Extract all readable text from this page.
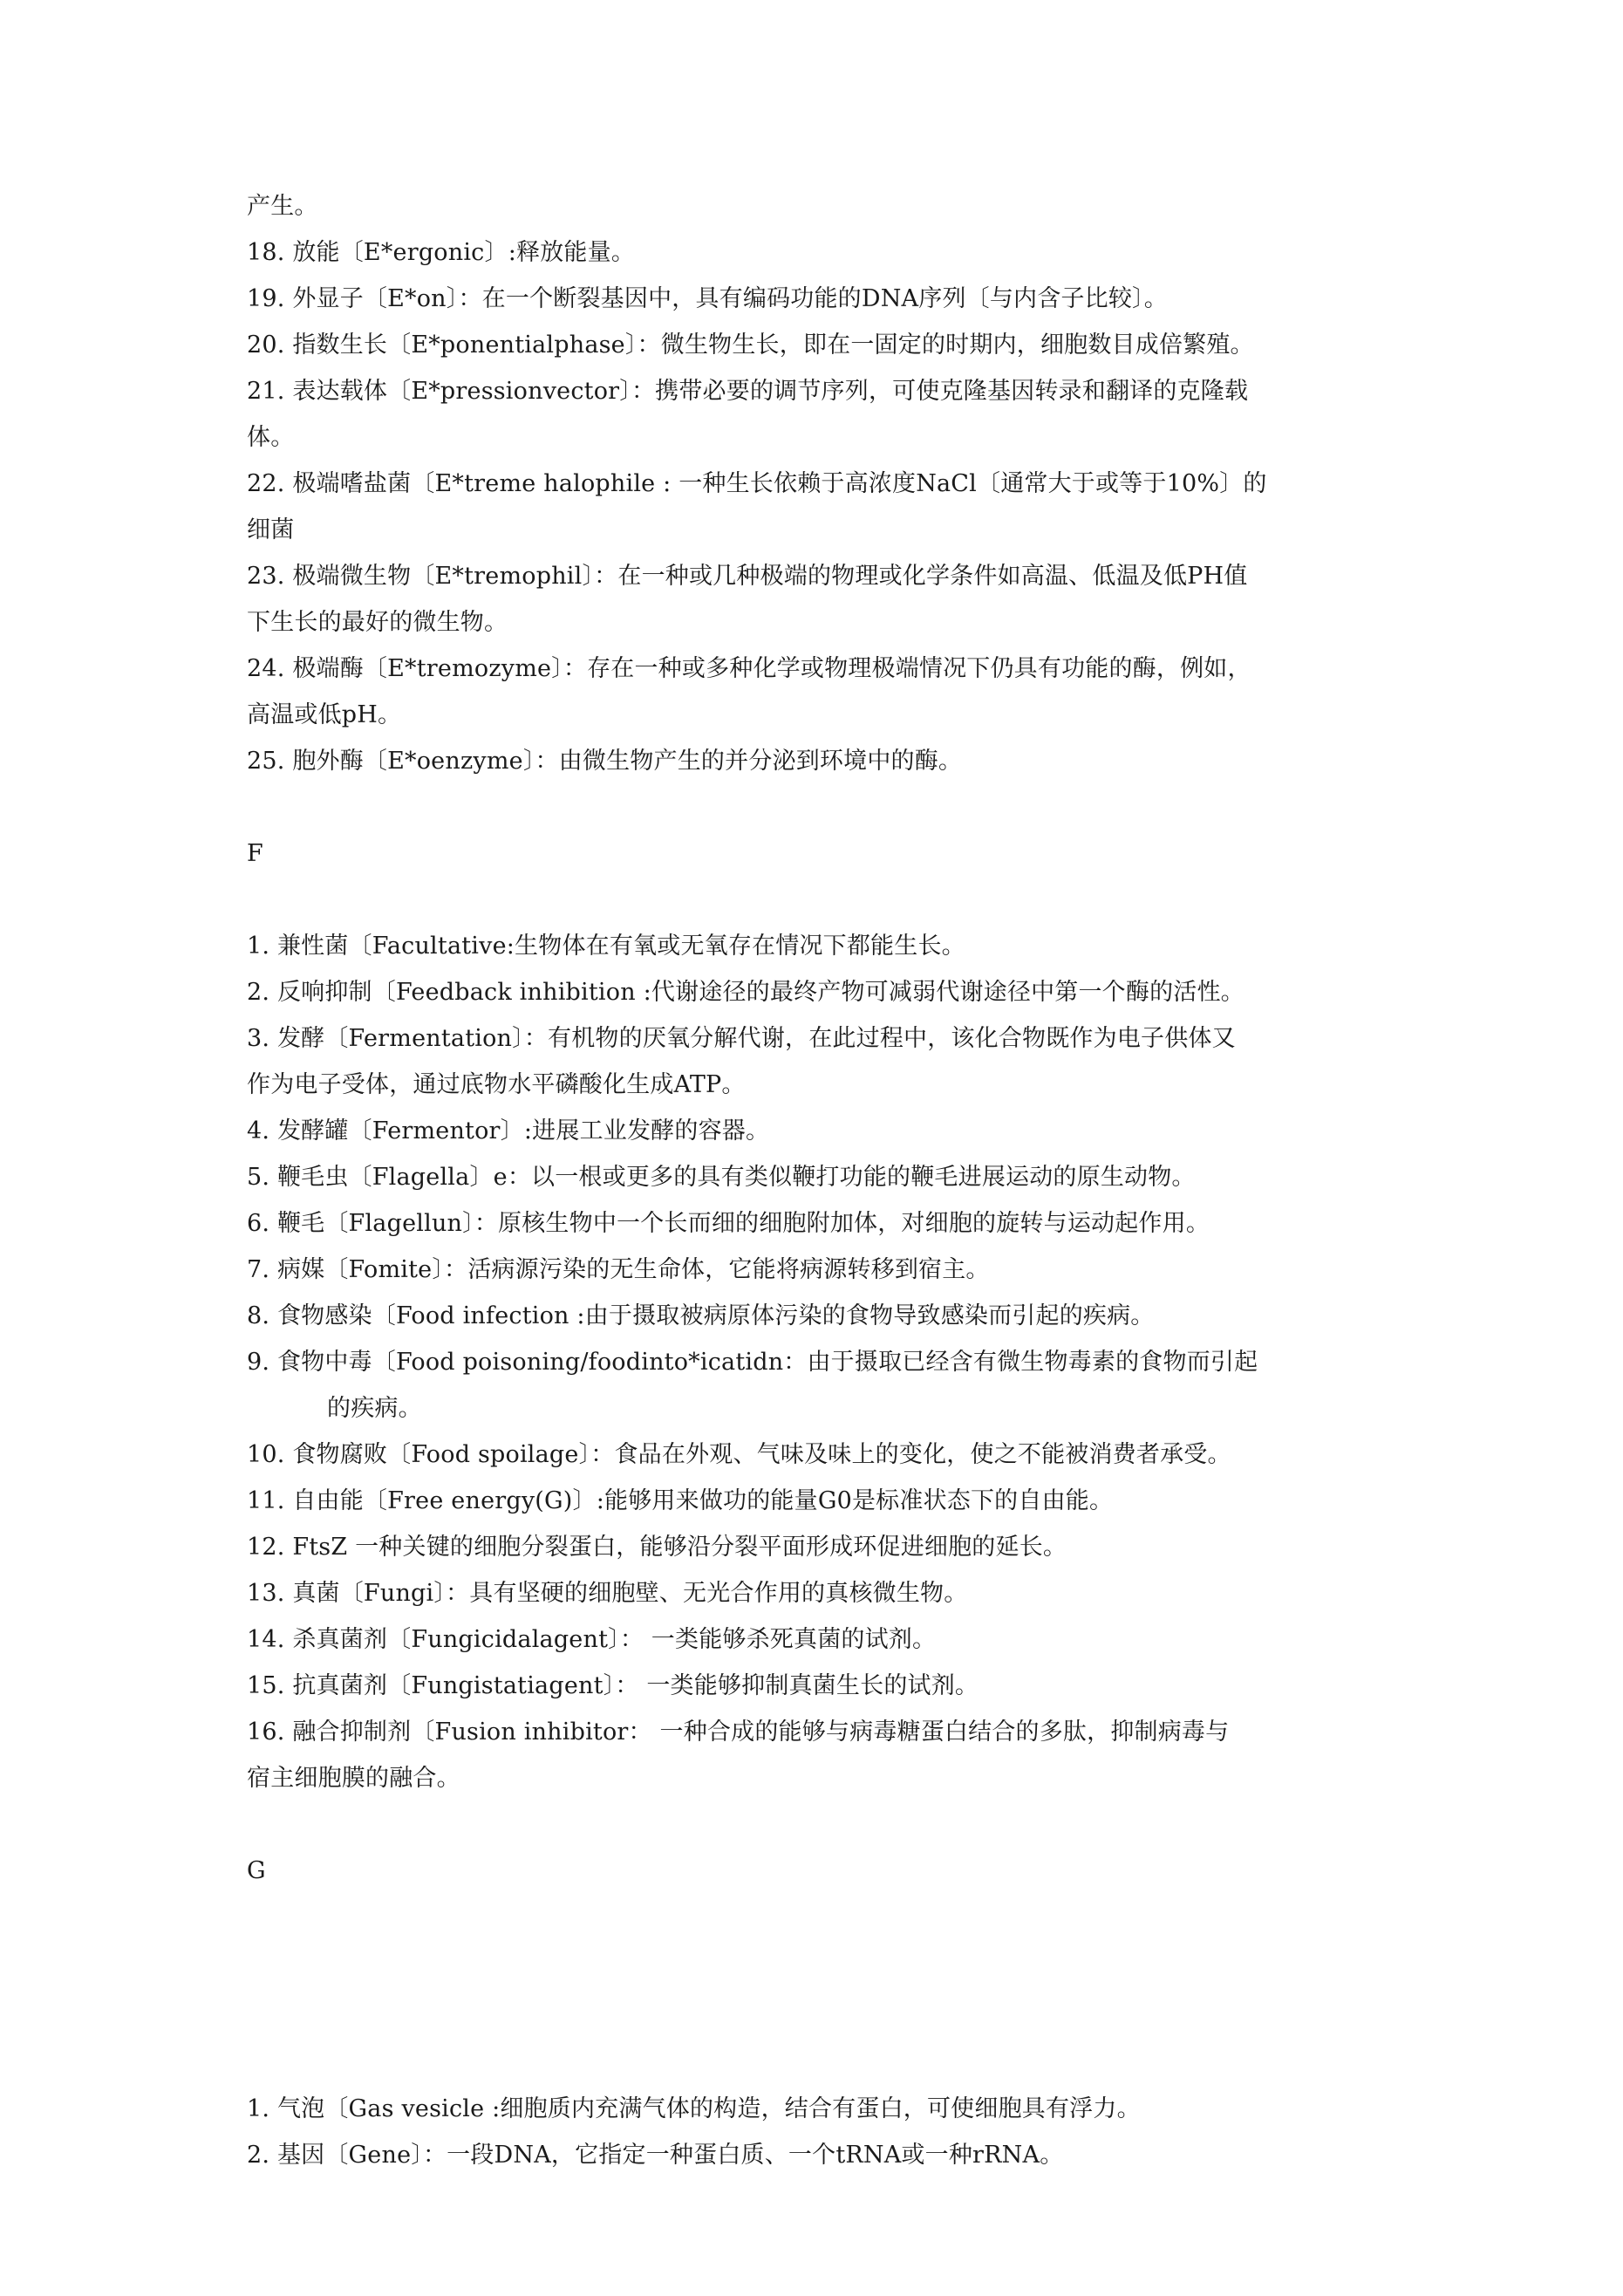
产生。
18. 放能〔E*ergonic〕:释放能量。
19. 外显子〔E*on〕：在一个断裂基因中，具有编码功能的DNA序列〔与内含子比较〕。
20. 指数生长〔E*ponentialphase〕：微生物生长，即在一固定的时期内，细胞数目成倍繁殖。
21. 表达载体〔E*pressionvector〕：携带必要的调节序列，可使克隆基因转录和翻译的克隆载
体。
22. 极端嗜盐菌〔E*treme halophile : 一种生长依赖于高浓度NaCl〔通常大于或等于10%〕的
细菌
23. 极端微生物〔E*tremophil〕：在一种或几种极端的物理或化学条件如高温、低温及低PH值
下生长的最好的微生物。
24. 极端酶〔E*tremozyme〕：存在一种或多种化学或物理极端情况下仍具有功能的酶，例如，
高温或低pH。
25. 胞外酶〔E*oenzyme〕：由微生物产生的并分泌到环境中的酶。
F
1. 兼性菌〔Facultative:生物体在有氧或无氧存在情况下都能生长。
2. 反响抑制〔Feedback inhibition :代谢途径的最终产物可减弱代谢途径中第一个酶的活性。
3. 发酵〔Fermentation〕：有机物的厌氧分解代谢，在此过程中，该化合物既作为电子供体又
作为电子受体，通过底物水平磷酸化生成ATP。
4. 发酵罐〔Fermentor〕:进展工业发酵的容器。
5. 鞭毛虫〔Flagella〕e：以一根或更多的具有类似鞭打功能的鞭毛进展运动的原生动物。
6. 鞭毛〔Flagellun〕：原核生物中一个长而细的细胞附加体，对细胞的旋转与运动起作用。
7. 病媒〔Fomite〕：活病源污染的无生命体，它能将病源转移到宿主。
8. 食物感染〔Food infection :由于摄取被病原体污染的食物导致感染而引起的疾病。
9. 食物中毒〔Food poisoning/foodinto*icatidn：由于摄取已经含有微生物毒素的食物而引起
的疾病。
10. 食物腐败〔Food spoilage〕：食品在外观、气味及味上的变化，使之不能被消费者承受。
11. 自由能〔Free energy(G)〕:能够用来做功的能量G0是标准状态下的自由能。
12. FtsZ 一种关键的细胞分裂蛋白，能够沿分裂平面形成环促进细胞的延长。
13. 真菌〔Fungi〕：具有坚硬的细胞壁、无光合作用的真核微生物。
14. 杀真菌剂〔Fungicidalagent〕： 一类能够杀死真菌的试剂。
15. 抗真菌剂〔Fungistatiagent〕： 一类能够抑制真菌生长的试剂。
16. 融合抑制剂〔Fusion inhibitor： 一种合成的能够与病毒糖蛋白结合的多肽，抑制病毒与
宿主细胞膜的融合。
G
1. 气泡〔Gas vesicle :细胞质内充满气体的构造，结合有蛋白，可使细胞具有浮力。
2. 基因〔Gene〕：一段DNA，它指定一种蛋白质、一个tRNA或一种rRNA。
